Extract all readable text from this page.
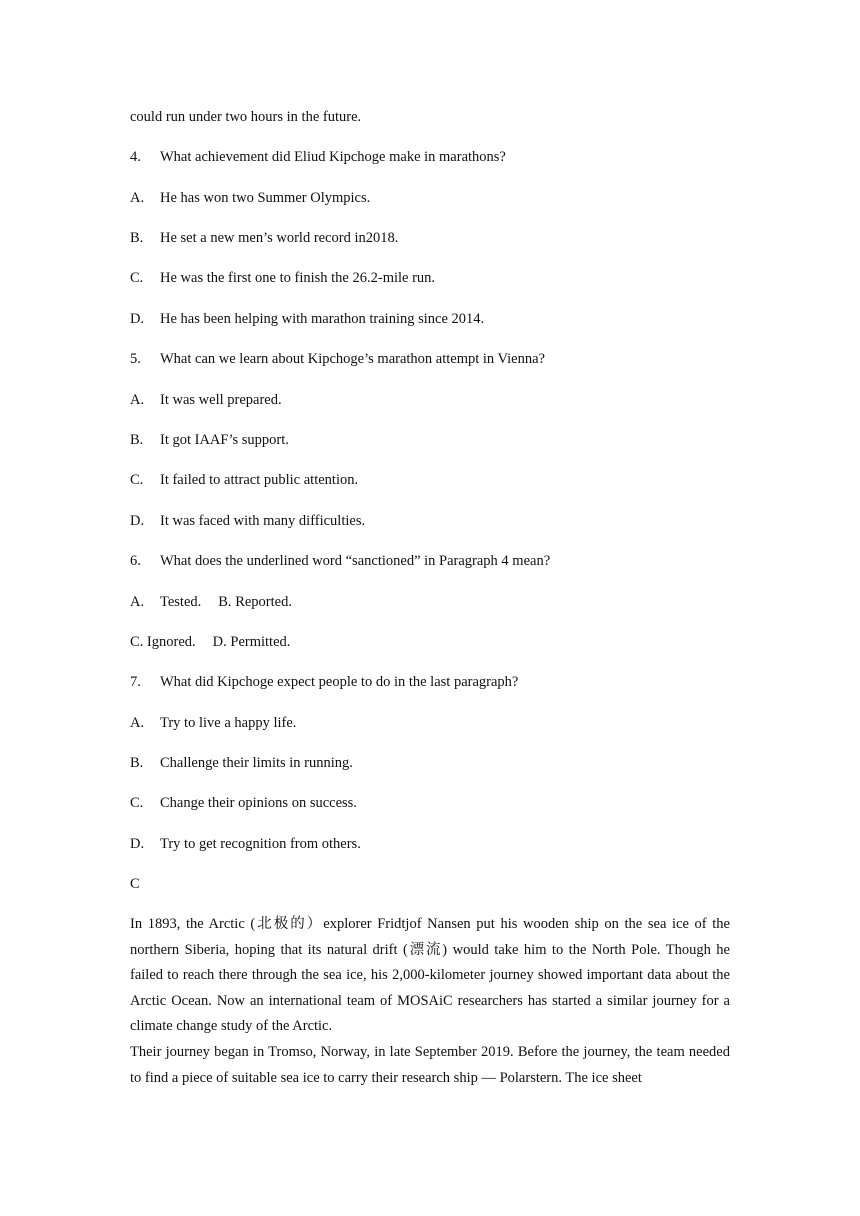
could run under two hours in the future.
4. What achievement did Eliud Kipchoge make in marathons?
A. He has won two Summer Olympics.
B. He set a new men’s world record in2018.
C. He was the first one to finish the 26.2-mile run.
D. He has been helping with marathon training since 2014.
5. What can we learn about Kipchoge’s marathon attempt in Vienna?
A. It was well prepared.
B. It got IAAF’s support.
C. It failed to attract public attention.
D. It was faced with many difficulties.
6. What does the underlined word “sanctioned” in Paragraph 4 mean?
A. Tested. B. Reported.
C. Ignored. D. Permitted.
7. What did Kipchoge expect people to do in the last paragraph?
A. Try to live a happy life.
B. Challenge their limits in running.
C. Change their opinions on success.
D. Try to get recognition from others.
C
In 1893, the Arctic (北极的）explorer Fridtjof Nansen put his wooden ship on the sea ice of the northern Siberia, hoping that its natural drift (漂流) would take him to the North Pole. Though he failed to reach there through the sea ice, his 2,000-kilometer journey showed important data about the Arctic Ocean. Now an international team of MOSAiC researchers has started a similar journey for a climate change study of the Arctic.
Their journey began in Tromso, Norway, in late September 2019. Before the journey, the team needed to find a piece of suitable sea ice to carry their research ship — Polarstern. The ice sheet
